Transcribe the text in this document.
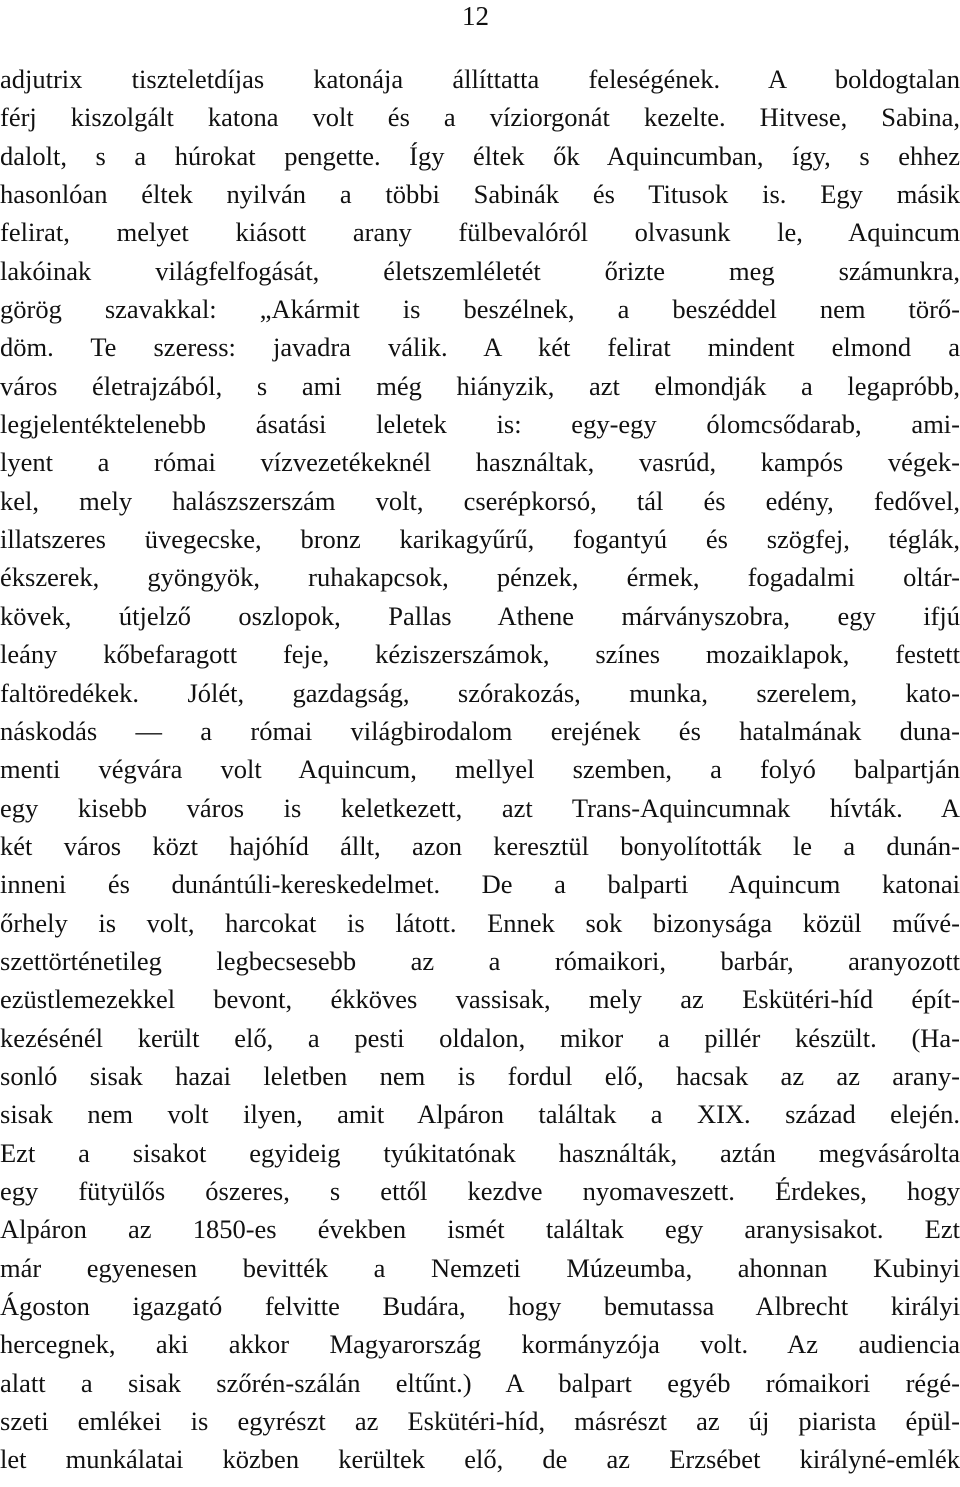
12
adjutrix tiszteletdíjas katonája állíttatta feleségének. A boldogtalan
férj kiszolgált katona volt és a víziorgonát kezelte. Hitvese, Sabina,
dalolt, s a húrokat pengette. Így éltek ők Aquincumban, így, s ehhez
hasonlóan éltek nyilván a többi Sabinák és Titusok is. Egy másik
felirat, melyet kiásott arany fülbevalóról olvasunk le, Aquincum
lakóinak világfelfogását, életszemléletét őrizte meg számunkra,
görög szavakkal: „Akármit is beszélnek, a beszéddel nem törő-
döm. Te szeress: javadra válik. A két felirat mindent elmond a
város életrajzából, s ami még hiányzik, azt elmondják a legapróbb,
legjelentéktelenebb ásatási leletek is: egy-egy ólomcsődarab, ami-
lyent a római vízvezetékeknél használtak, vasrúd, kampós végek-
kel, mely halászszerszám volt, cserépkorsó, tál és edény, fedővel,
illatszeres üvegecske, bronz karikagyűrű, fogantyú és szögfej, téglák,
ékszerek, gyöngyök, ruhakapcsok, pénzek, érmek, fogadalmi oltár-
kövek, útjelző oszlopok, Pallas Athene márványszobra, egy ifjú
leány kőbefaragott feje, kéziszerszámok, színes mozaiklapok, festett
faltöredékek. Jólét, gazdagság, szórakozás, munka, szerelem, kato-
náskodás — a római világbirodalom erejének és hatalmának duna-
menti végvára volt Aquincum, mellyel szemben, a folyó balpartján
egy kisebb város is keletkezett, azt Trans-Aquincumnak hívták. A
két város közt hajóhíd állt, azon keresztül bonyolították le a dunán-
inneni és dunántúli-kereskedelmet. De a balparti Aquincum katonai
őrhely is volt, harcokat is látott. Ennek sok bizonysága közül művé-
szettörténetileg legbecsesebb az a rómaikori, barbár, aranyozott
ezüstlemezekkel bevont, ékköves vassisak, mely az Eskütéri-híd épít-
kezésénél került elő, a pesti oldalon, mikor a pillér készült. (Ha-
sonló sisak hazai leletben nem is fordul elő, hacsak az az arany-
sisak nem volt ilyen, amit Alpáron találtak a XIX. század elején.
Ezt a sisakot egyideig tyúkitatónak használták, aztán megvásárolta
egy fütyülős ószeres, s ettől kezdve nyomaveszett. Érdekes, hogy
Alpáron az 1850-es években ismét találtak egy aranysisakot. Ezt
már egyenesen bevitték a Nemzeti Múzeumba, ahonnan Kubinyi
Ágoston igazgató felvitte Budára, hogy bemutassa Albrecht királyi
hercegnek, aki akkor Magyarország kormányzója volt. Az audiencia
alatt a sisak szőrén-szálán eltűnt.) A balpart egyéb rómaikori régé-
szeti emlékei is egyrészt az Eskütéri-híd, másrészt az új piarista épül-
let munkálatai közben kerültek elő, de az Erzsébet királyné-emlék
